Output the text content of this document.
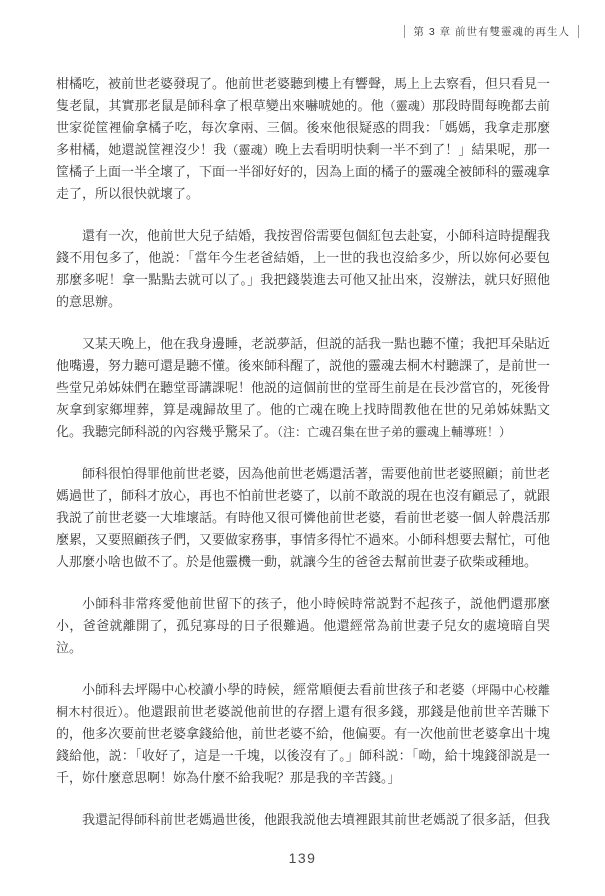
第 3 章 前世有雙靈魂的再生人

柑橘吃，被前世老婆發現了。他前世老婆聽到樓上有響聲，馬上上去察看，但只看見一隻老鼠，其實那老鼠是師科拿了根草變出來嚇唬她的。他（靈魂）那段時間每晚都去前世家從筐裡偷拿橘子吃，每次拿兩、三個。後來他很疑惑的問我：「媽媽，我拿走那麼多柑橘，她還説筐裡沒少！我（靈魂）晚上去看明明快剩一半不到了！」結果呢，那一筐橘子上面一半全壞了，下面一半卻好好的，因為上面的橘子的靈魂全被師科的靈魂拿走了，所以很快就壞了。

還有一次，他前世大兒子結婚，我按習俗需要包個紅包去赴宴，小師科這時提醒我錢不用包多了，他説：「當年今生老爸結婚，上一世的我也沒給多少，所以妳何必要包那麼多呢！拿一點點去就可以了。」我把錢裝進去可他又扯出來，沒辦法，就只好照他的意思辦。

又某天晚上，他在我身邊睡，老説夢話，但説的話我一點也聽不懂；我把耳朵貼近他嘴邊，努力聽可還是聽不懂。後來師科醒了，説他的靈魂去桐木村聽課了，是前世一些堂兄弟姊妹們在聽堂哥講課呢！他説的這個前世的堂哥生前是在長沙當官的，死後骨灰拿到家鄉埋葬，算是魂歸故里了。他的亡魂在晚上找時間教他在世的兄弟姊妹點文化。我聽完師科説的內容幾乎驚呆了。（注：亡魂召集在世子弟的靈魂上輔導班！）

師科很怕得罪他前世老婆，因為他前世老媽還活著，需要他前世老婆照顧；前世老媽過世了，師科才放心，再也不怕前世老婆了，以前不敢説的現在也沒有顧忌了，就跟我説了前世老婆一大堆壞話。有時他又很可憐他前世老婆，看前世老婆一個人幹農活那麼累，又要照顧孩子們，又要做家務事，事情多得忙不過來。小師科想要去幫忙，可他人那麼小啥也做不了。於是他靈機一動，就讓今生的爸爸去幫前世妻子砍柴或種地。

小師科非常疼愛他前世留下的孩子，他小時候時常説對不起孩子，説他們還那麼小，爸爸就離開了，孤兒寡母的日子很難過。他還經常為前世妻子兒女的處境暗自哭泣。

小師科去坪陽中心校讀小學的時候，經常順便去看前世孩子和老婆（坪陽中心校離桐木村很近）。他還跟前世老婆説他前世的存摺上還有很多錢，那錢是他前世辛苦賺下的，他多次要前世老婆拿錢給他，前世老婆不給，他偏要。有一次他前世老婆拿出十塊錢給他，説：「收好了，這是一千塊，以後沒有了。」師科説：「呦，給十塊錢卻説是一千，妳什麼意思啊！妳為什麼不給我呢？那是我的辛苦錢。」

我還記得師科前世老媽過世後，他跟我説他去墳裡跟其前世老媽説了很多話，但我

139
